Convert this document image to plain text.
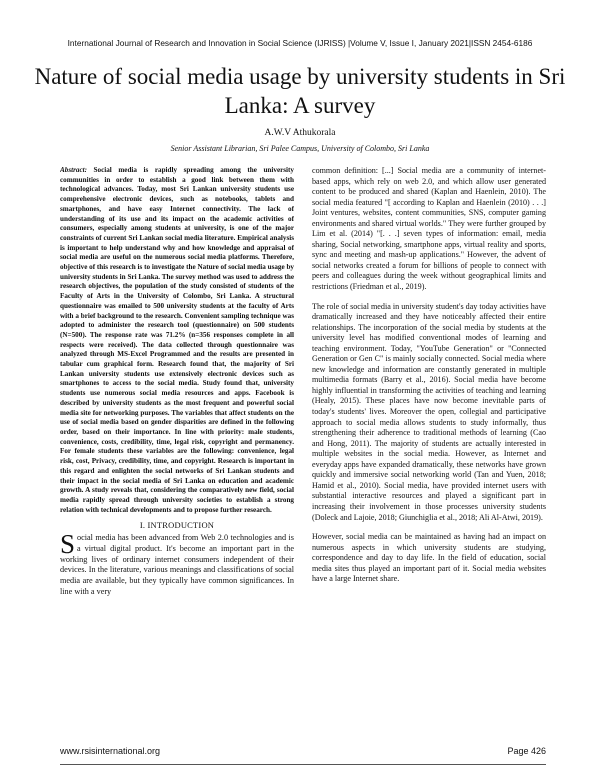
International Journal of Research and Innovation in Social Science (IJRISS) |Volume V, Issue I, January 2021|ISSN 2454-6186
Nature of social media usage by university students in Sri Lanka: A survey
A.W.V Athukorala
Senior Assistant Librarian, Sri Palee Campus, University of Colombo, Sri Lanka

Abstract: Social media is rapidly spreading among the university communities in order to establish a good link between them with technological advances. Today, most Sri Lankan university students use comprehensive electronic devices, such as notebooks, tablets and smartphones, and have easy Internet connectivity. The lack of understanding of its use and its impact on the academic activities of consumers, especially among students at university, is one of the major constraints of current Sri Lankan social media literature. Empirical analysis is important to help understand why and how knowledge and appraisal of social media are useful on the numerous social media platforms. Therefore, objective of this research is to investigate the Nature of social media usage by university students in Sri Lanka. The survey method was used to address the research objectives, the population of the study consisted of students of the Faculty of Arts in the University of Colombo, Sri Lanka. A structural questionnaire was emailed to 500 university students at the faculty of Arts with a brief background to the research. Convenient sampling technique was adopted to administer the research tool (questionnaire) on 500 students (N=500). The response rate was 71.2% (n=356 responses complete in all respects were received). The data collected through questionnaire was analyzed through MS-Excel Programmed and the results are presented in tabular cum graphical form. Research found that, the majority of Sri Lankan university students use extensively electronic devices such as smartphones to access to the social media. Study found that, university students use numerous social media resources and apps. Facebook is described by university students as the most frequent and powerful social media site for networking purposes. The variables that affect students on the use of social media based on gender disparities are defined in the following order, based on their importance. In line with priority: male students, convenience, costs, credibility, time, legal risk, copyright and permanency. For female students these variables are the following: convenience, legal risk, cost, Privacy, credibility, time, and copyright. Research is important in this regard and enlighten the social networks of Sri Lankan students and their impact in the social media of Sri Lanka on education and academic growth. A study reveals that, considering the comparatively new field, social media rapidly spread through university societies to establish a strong relation with technical developments and to propose further research.

I. INTRODUCTION

Social media has been advanced from Web 2.0 technologies and is a virtual digital product. It's become an important part in the working lives of ordinary internet consumers independent of their devices. In the literature, various meanings and classifications of social media are available, but they typically have common significances. In line with a very

common definition: [...] Social media are a community of internet-based apps, which rely on web 2.0, and which allow user generated content to be produced and shared (Kaplan and Haenlein, 2010). The social media featured "[ according to Kaplan and Haenlein (2010) . . .] Joint ventures, websites, content communities, SNS, computer gaming environments and shared virtual worlds." They were further grouped by Lim et al. (2014) "[. . .] seven types of information: email, media sharing, Social networking, smartphone apps, virtual reality and sports, sync and meeting and mash-up applications." However, the advent of social networks created a forum for billions of people to connect with peers and colleagues during the week without geographical limits and restrictions (Friedman et al., 2019).

The role of social media in university student's day today activities have dramatically increased and they have noticeably affected their entire relationships. The incorporation of the social media by students at the university level has modified conventional modes of learning and teaching environment. Today, "YouTube Generation" or "Connected Generation or Gen C" is mainly socially connected. Social media where new knowledge and information are constantly generated in multiple multimedia formats (Barry et al., 2016). Social media have become highly influential in transforming the activities of teaching and learning (Healy, 2015). These places have now become inevitable parts of today's students' lives. Moreover the open, collegial and participative approach to social media allows students to study informally, thus strengthening their adherence to traditional methods of learning (Cao and Hong, 2011). The majority of students are actually interested in multiple websites in the social media. However, as Internet and everyday apps have expanded dramatically, these networks have grown quickly and immersive social networking world (Tan and Yuen, 2018; Hamid et al., 2010). Social media, have provided internet users with substantial interactive resources and played a significant part in increasing their involvement in those processes university students (Doleck and Lajoie, 2018; Giunchiglia et al., 2018; Ali Al-Atwi, 2019).

However, social media can be maintained as having had an impact on numerous aspects in which university students are studying, correspondence and day to day life. In the field of education, social media sites thus played an important part of it. Social media websites have a large Internet share.

www.rsisinternational.org	Page 426
